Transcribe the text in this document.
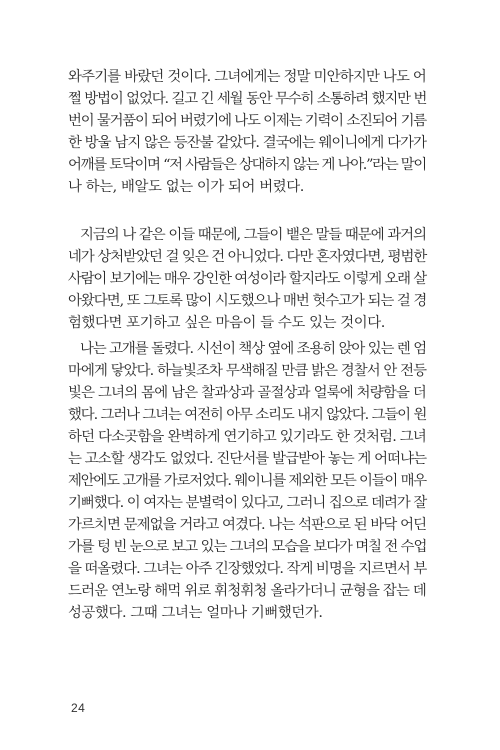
와주기를 바랐던 것이다. 그녀에게는 정말 미안하지만 나도 어
쩔 방법이 없었다. 길고 긴 세월 동안 무수히 소통하려 했지만 번
번이 물거품이 되어 버렸기에 나도 이제는 기력이 소진되어 기름
한 방울 남지 않은 등잔불 같았다. 결국에는 웨이니에게 다가가
어깨를 토닥이며 “저 사람들은 상대하지 않는 게 나아.”라는 말이
나 하는, 배알도 없는 이가 되어 버렸다.
지금의 나 같은 이들 때문에, 그들이 뱉은 말들 때문에 과거의
네가 상처받았던 걸 잊은 건 아니었다. 다만 혼자였다면, 평범한
사람이 보기에는 매우 강인한 여성이라 할지라도 이렇게 오래 살
아왔다면, 또 그토록 많이 시도했으나 매번 헛수고가 되는 걸 경
험했다면 포기하고 싶은 마음이 들 수도 있는 것이다.
나는 고개를 돌렸다. 시선이 책상 옆에 조용히 앉아 있는 렌 엄
마에게 닿았다. 하늘빛조차 무색해질 만큼 밝은 경찰서 안 전등
빛은 그녀의 몸에 남은 찰과상과 골절상과 얼룩에 처량함을 더
했다. 그러나 그녀는 여전히 아무 소리도 내지 않았다. 그들이 원
하던 다소곳함을 완벽하게 연기하고 있기라도 한 것처럼. 그녀
는 고소할 생각도 없었다. 진단서를 발급받아 놓는 게 어떠냐는
제안에도 고개를 가로저었다. 웨이니를 제외한 모든 이들이 매우
기뻐했다. 이 여자는 분별력이 있다고, 그러니 집으로 데려가 잘
가르치면 문제없을 거라고 여겼다. 나는 석판으로 된 바닥 어딘
가를 텅 빈 눈으로 보고 있는 그녀의 모습을 보다가 며칠 전 수업
을 떠올렸다. 그녀는 아주 긴장했었다. 작게 비명을 지르면서 부
드러운 연노랑 해먹 위로 휘청휘청 올라가더니 균형을 잡는 데
성공했다. 그때 그녀는 얼마나 기뻐했던가.
24
